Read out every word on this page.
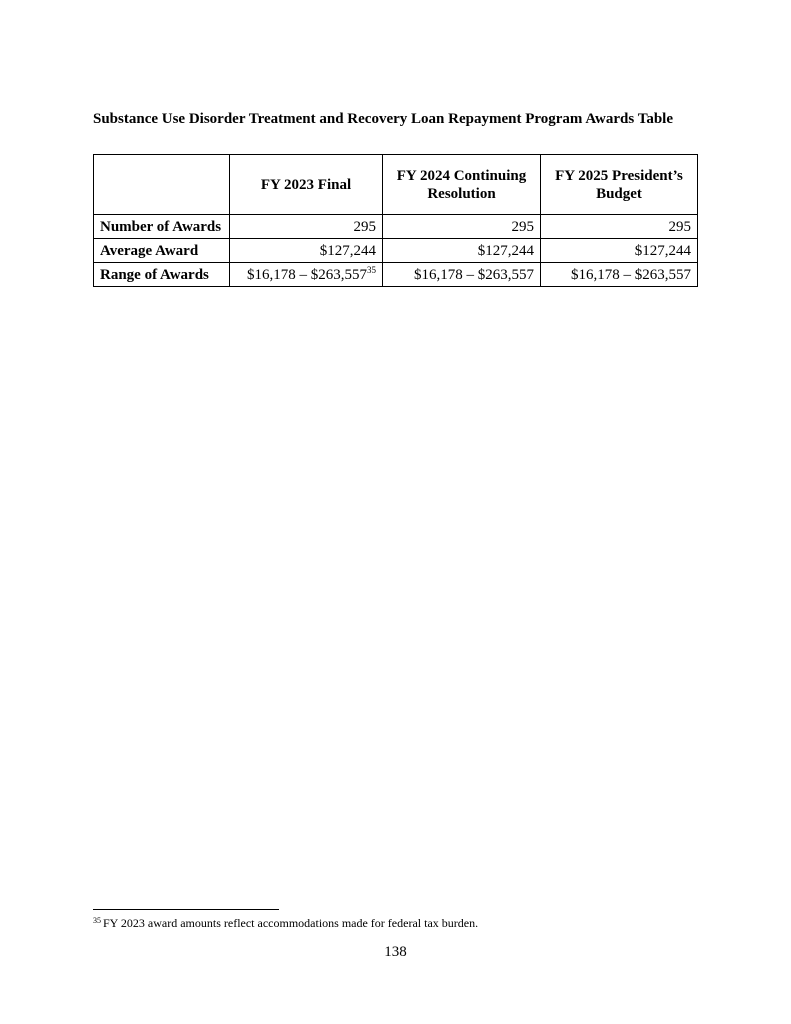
Substance Use Disorder Treatment and Recovery Loan Repayment Program Awards Table
	FY 2023 Final	FY 2024 Continuing Resolution	FY 2025 President’s Budget
Number of Awards	295	295	295
Average Award	$127,244	$127,244	$127,244
Range of Awards	$16,178 – $263,557$^{35}$	$16,178 – $263,557	$16,178 – $263,557
$^{35}$ FY 2023 award amounts reflect accommodations made for federal tax burden.
138
